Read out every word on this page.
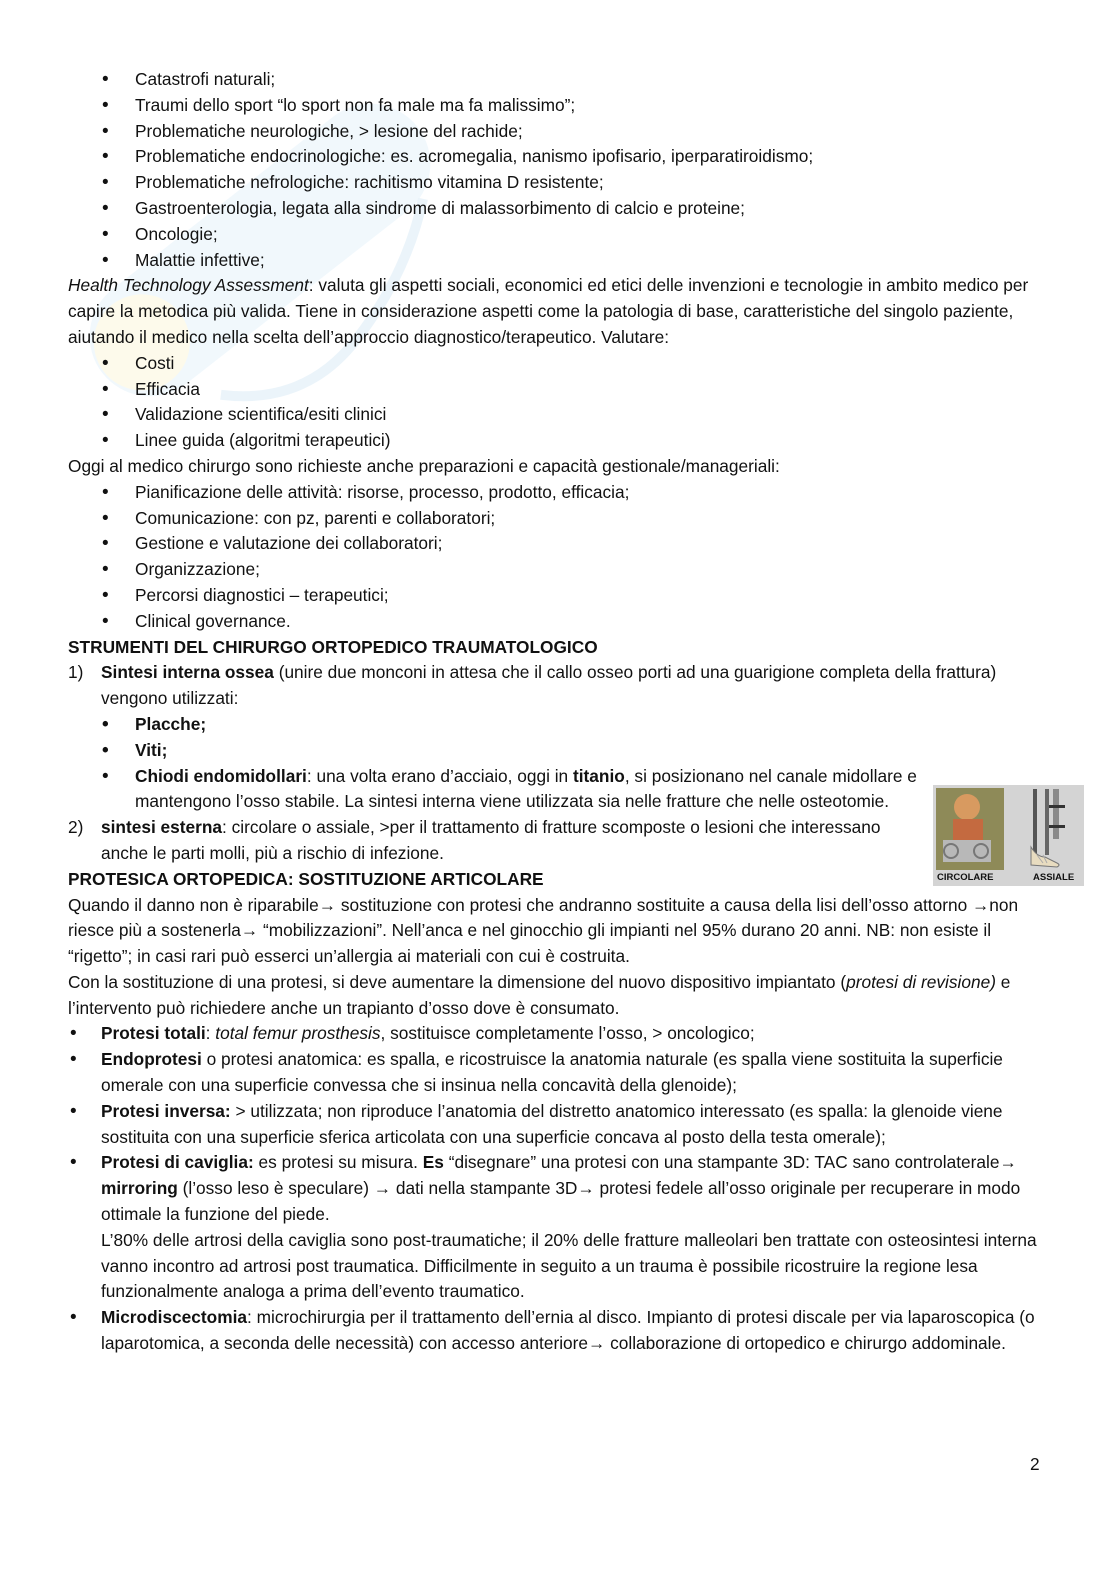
• Catastrofi naturali;
• Traumi dello sport “lo sport non fa male ma fa malissimo”;
• Problematiche neurologiche, > lesione del rachide;
• Problematiche endocrinologiche: es. acromegalia, nanismo ipofisario, iperparatiroidismo;
• Problematiche nefrologiche: rachitismo vitamina D resistente;
• Gastroenterologia, legata alla sindrome di malassorbimento di calcio e proteine;
• Oncologie;
• Malattie infettive;

Health Technology Assessment: valuta gli aspetti sociali, economici ed etici delle invenzioni e tecnologie in ambito medico per capire la metodica più valida. Tiene in considerazione aspetti come la patologia di base, caratteristiche del singolo paziente, aiutando il medico nella scelta dell’approccio diagnostico/terapeutico. Valutare:

• Costi
• Efficacia
• Validazione scientifica/esiti clinici
• Linee guida (algoritmi terapeutici)

Oggi al medico chirurgo sono richieste anche preparazioni e capacità gestionale/manageriali:

• Pianificazione delle attività: risorse, processo, prodotto, efficacia;
• Comunicazione: con pz, parenti e collaboratori;
• Gestione e valutazione dei collaboratori;
• Organizzazione;
• Percorsi diagnostici – terapeutici;
• Clinical governance.
STRUMENTI DEL CHIRURGO ORTOPEDICO TRAUMATOLOGICO
1) Sintesi interna ossea (unire due monconi in attesa che il callo osseo porti ad una guarigione completa della frattura) vengono utilizzati:
• Placche;
• Viti;
• Chiodi endomidollari: una volta erano d’acciaio, oggi in titanio, si posizionano nel canale midollare e mantengono l’osso stabile. La sintesi interna viene utilizzata sia nelle fratture che nelle osteotomie.
2) sintesi esterna: circolare o assiale, >per il trattamento di fratture scomposte o lesioni che interessano anche le parti molli, più a rischio di infezione.
PROTESICA ORTOPEDICA: SOSTITUZIONE ARTICOLARE

Quando il danno non è riparabile→ sostituzione con protesi che andranno sostituite a causa della lisi dell’osso attorno →non riesce più a sostenerla→ “mobilizzazioni”. Nell’anca e nel ginocchio gli impianti nel 95% durano 20 anni. NB: non esiste il “rigetto”; in casi rari può esserci un’allergia ai materiali con cui è costruita.

Con la sostituzione di una protesi, si deve aumentare la dimensione del nuovo dispositivo impiantato (protesi di revisione) e l’intervento può richiedere anche un trapianto d’osso dove è consumato.

• Protesi totali: total femur prosthesis, sostituisce completamente l’osso, > oncologico;
• Endoprotesi o protesi anatomica: es spalla, e ricostruisce la anatomia naturale (es spalla viene sostituita la superficie omerale con una superficie convessa che si insinua nella concavità della glenoide);
• Protesi inversa: > utilizzata; non riproduce l’anatomia del distretto anatomico interessato (es spalla: la glenoide viene sostituita con una superficie sferica articolata con una superficie concava al posto della testa omerale);
• Protesi di caviglia: es protesi su misura. Es “disegnare” una protesi con una stampante 3D: TAC sano controlaterale→ mirroring (l’osso leso è speculare) → dati nella stampante 3D→ protesi fedele all’osso originale per recuperare in modo ottimale la funzione del piede.
L’80% delle artrosi della caviglia sono post-traumatiche; il 20% delle fratture malleolari ben trattate con osteosintesi interna vanno incontro ad artrosi post traumatica. Difficilmente in seguito a un trauma è possibile ricostruire la regione lesa funzionalmente analoga a prima dell’evento traumatico.
• Microdiscectomia: microchirurgia per il trattamento dell’ernia al disco. Impianto di protesi discale per via laparoscopica (o laparotomica, a seconda delle necessità) con accesso anteriore→ collaborazione di ortopedico e chirurgo addominale.
CIRCOLARE	ASSIALE
2
